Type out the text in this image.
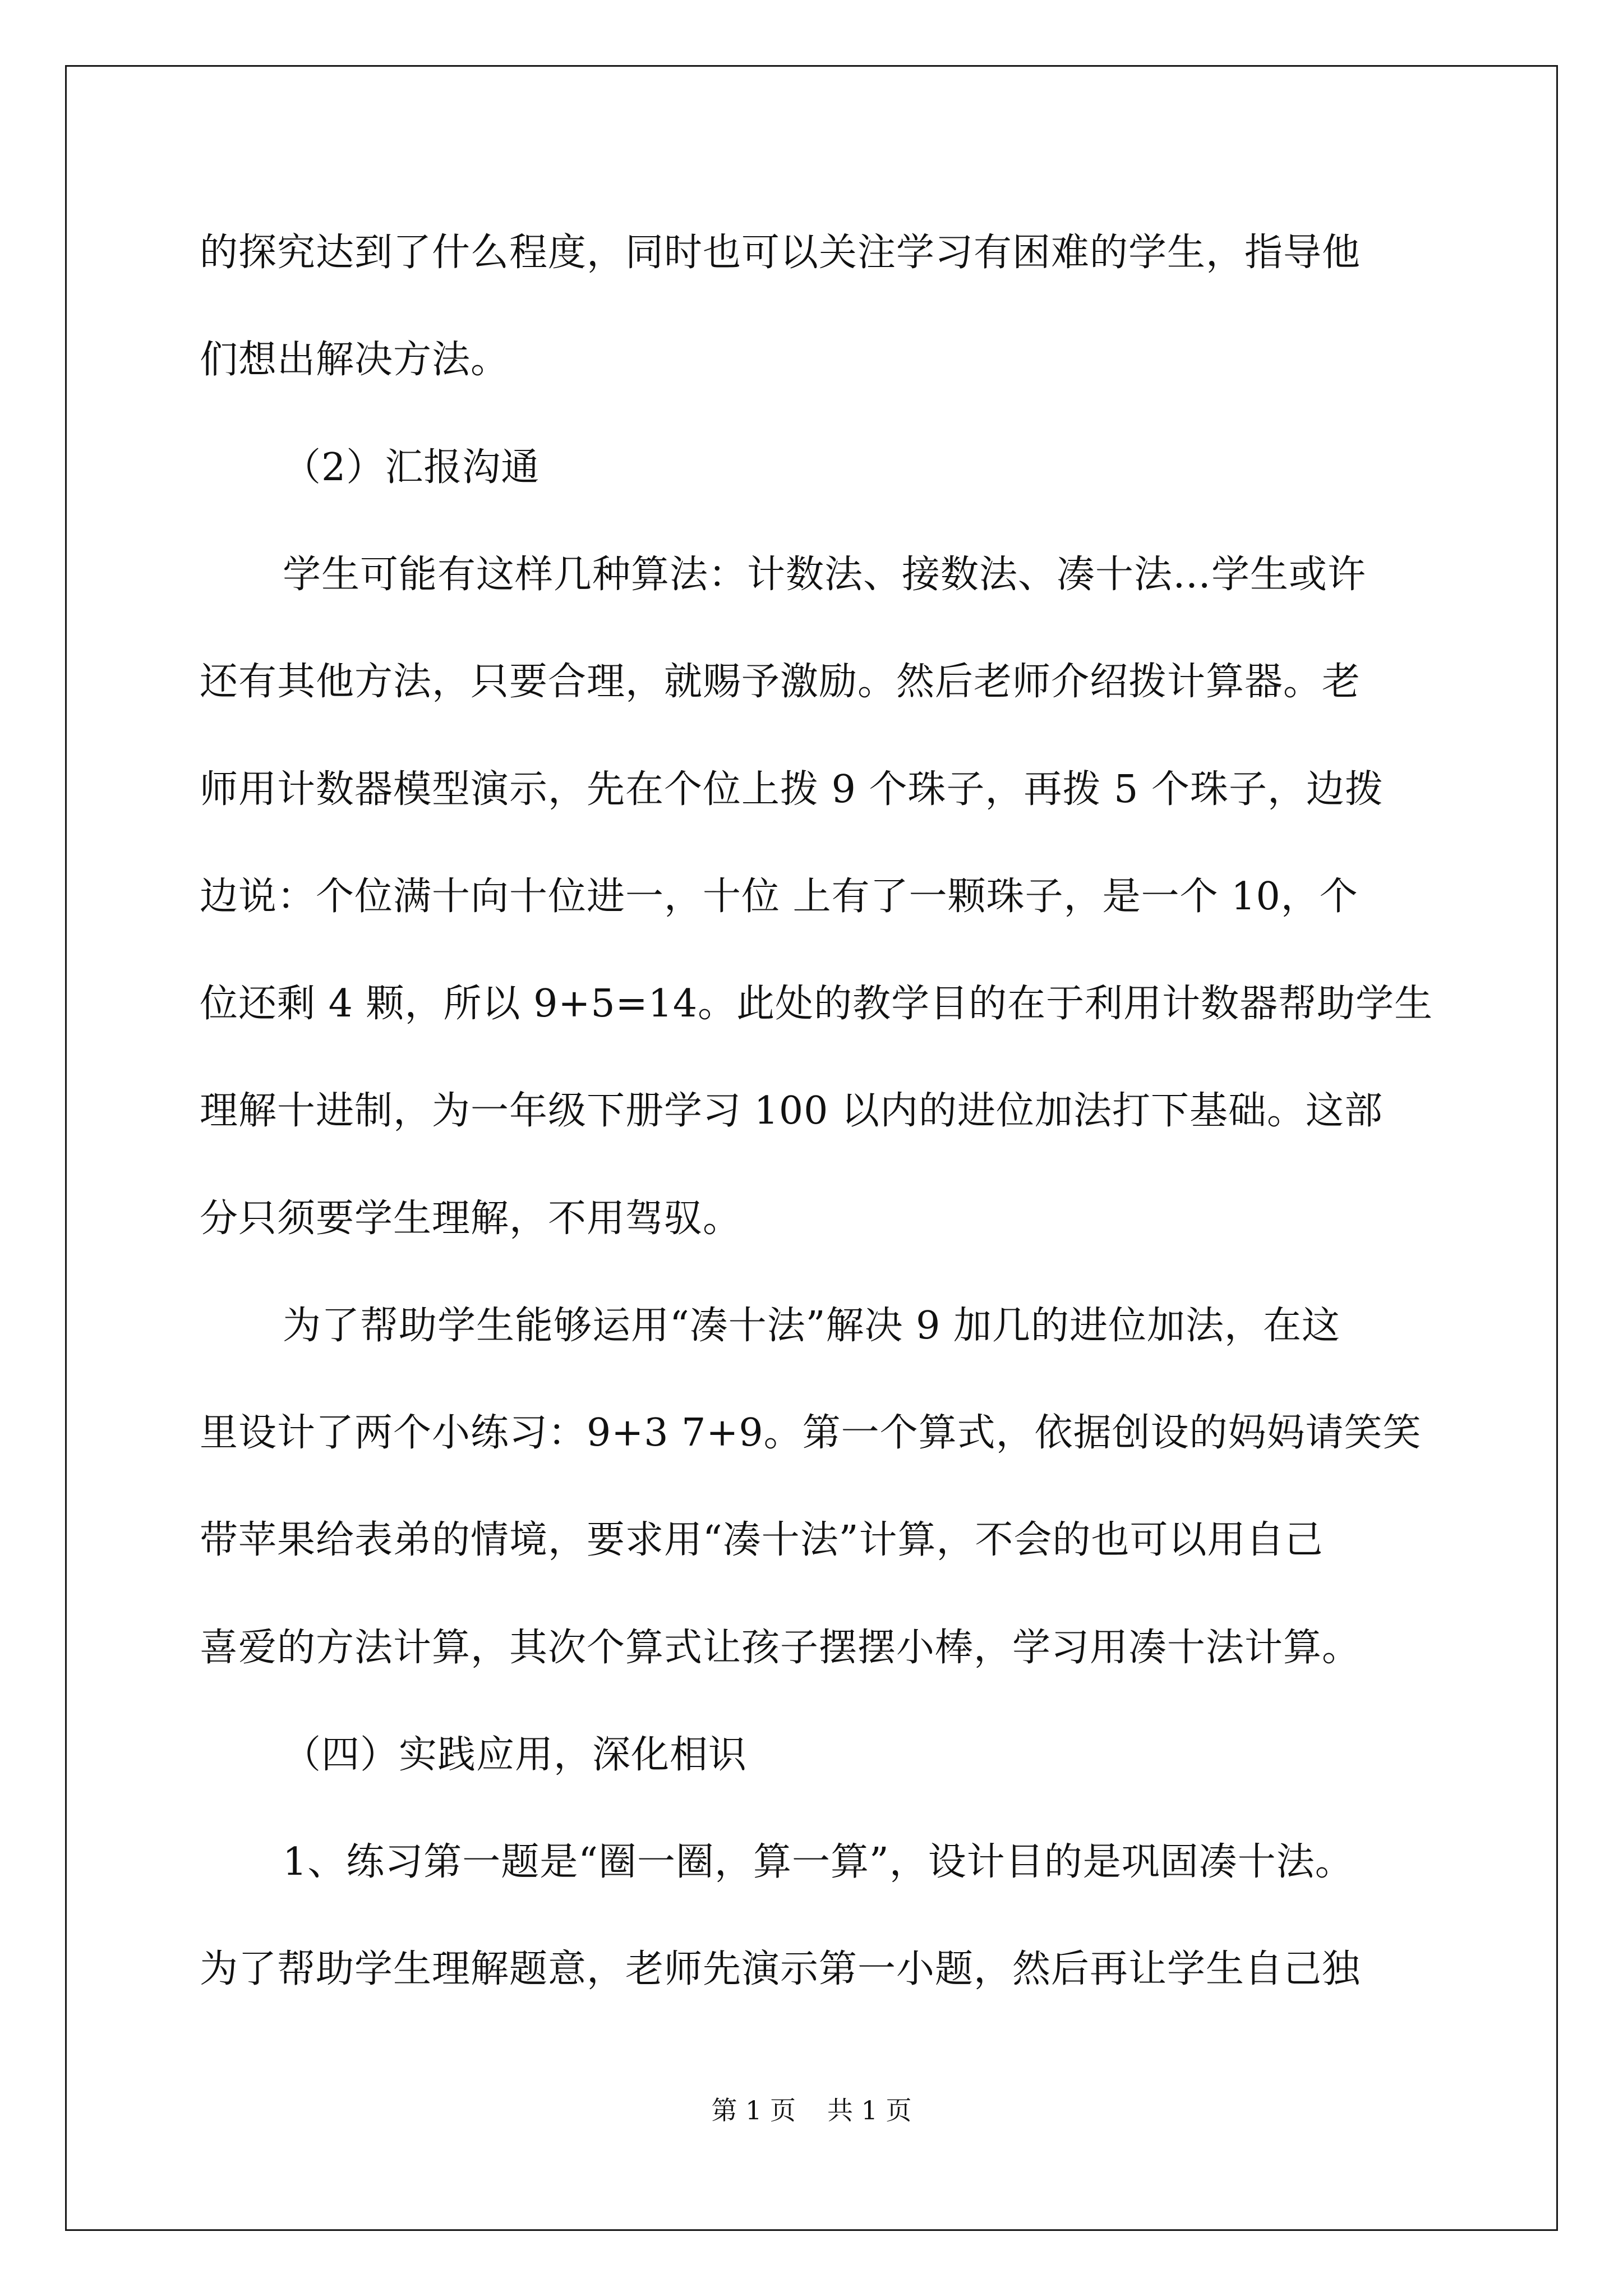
的探究达到了什么程度，同时也可以关注学习有困难的学生，指导他
们想出解决方法。
（2）汇报沟通
学生可能有这样几种算法：计数法、接数法、凑十法…学生或许
还有其他方法，只要合理，就赐予激励。然后老师介绍拨计算器。老
师用计数器模型演示，先在个位上拨 9 个珠子，再拨 5 个珠子，边拨
边说：个位满十向十位进一，十位 上有了一颗珠子，是一个 10，个
位还剩 4 颗，所以 9+5=14。此处的教学目的在于利用计数器帮助学生
理解十进制，为一年级下册学习 100 以内的进位加法打下基础。这部
分只须要学生理解，不用驾驭。
为了帮助学生能够运用“凑十法”解决 9 加几的进位加法，在这
里设计了两个小练习：9+3 7+9。第一个算式，依据创设的妈妈请笑笑
带苹果给表弟的情境，要求用“凑十法”计算，不会的也可以用自己
喜爱的方法计算，其次个算式让孩子摆摆小棒，学习用凑十法计算。
（四）实践应用，深化相识
1、练习第一题是“圈一圈，算一算”，设计目的是巩固凑十法。
为了帮助学生理解题意，老师先演示第一小题，然后再让学生自己独
第 1 页 共 1 页
